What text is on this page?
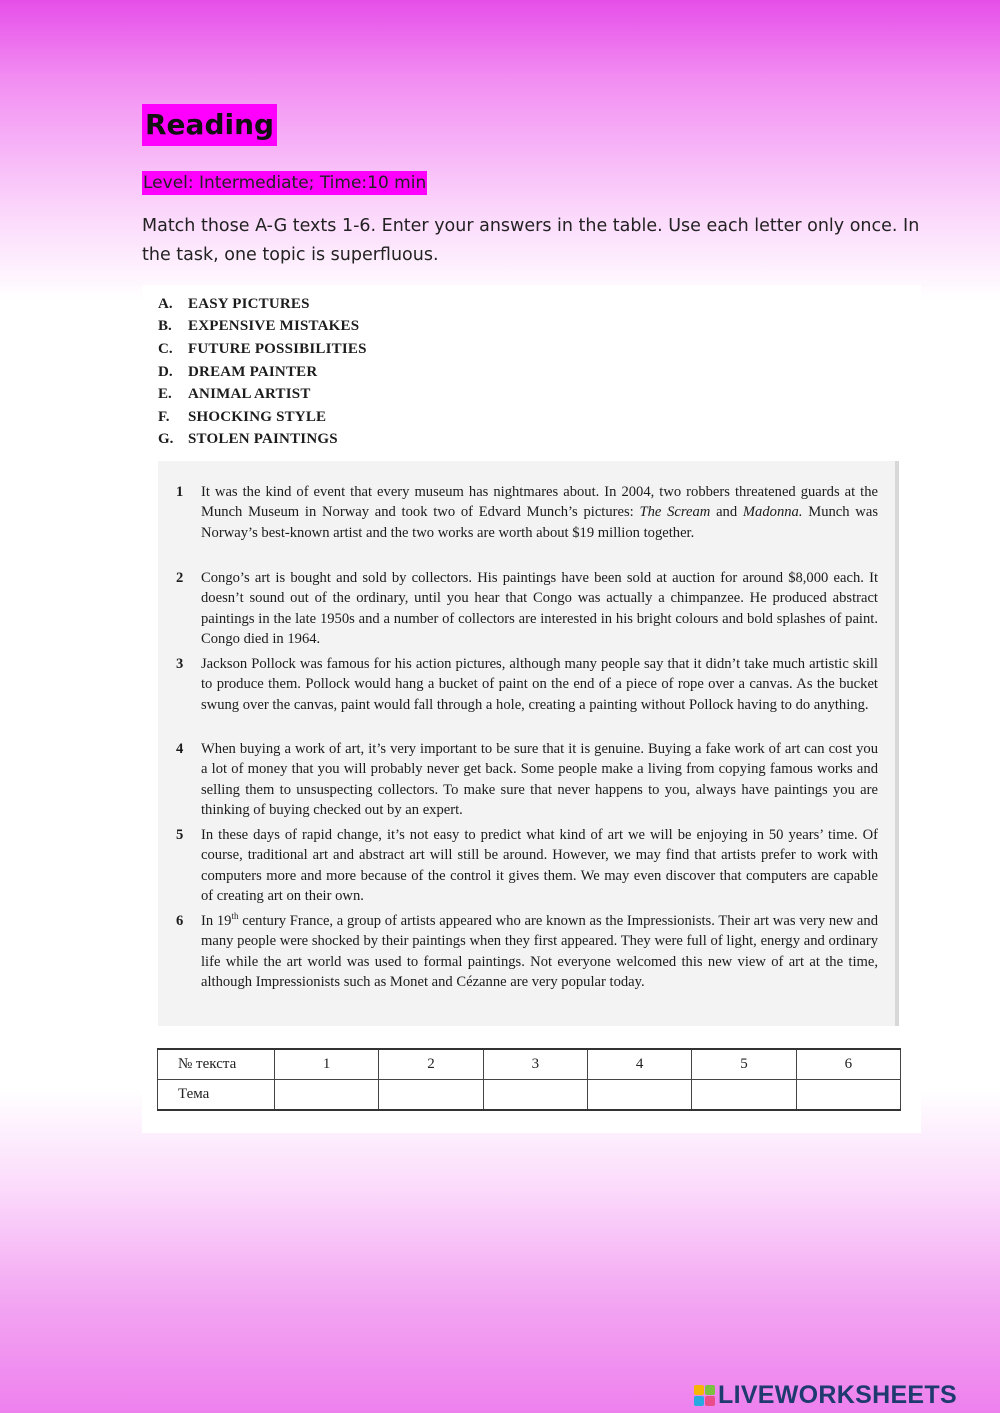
Reading
Level: Intermediate; Time:10 min

Match those A-G texts 1-6. Enter your answers in the table. Use each letter only once. In the task, one topic is superfluous.

A.	EASY PICTURES
B.	EXPENSIVE MISTAKES
C.	FUTURE POSSIBILITIES
D.	DREAM PAINTER
E.	ANIMAL ARTIST
F.	SHOCKING STYLE
G. STOLEN PAINTINGS
1 It was the kind of event that every museum has nightmares about. In 2004, two robbers threatened guards at the Munch Museum in Norway and took two of Edvard Munch’s pictures: The Scream and Madonna. Munch was Norway’s best-known artist and the two works are worth about $19 million together.
2 Congo’s art is bought and sold by collectors. His paintings have been sold at auction for around $8,000 each. It doesn’t sound out of the ordinary, until you hear that Congo was actually a chimpanzee. He produced abstract paintings in the late 1950s and a number of collectors are interested in his bright colours and bold splashes of paint. Congo died in 1964.
3 Jackson Pollock was famous for his action pictures, although many people say that it didn’t take much artistic skill to produce them. Pollock would hang a bucket of paint on the end of a piece of rope over a canvas. As the bucket swung over the canvas, paint would fall through a hole, creating a painting without Pollock having to do anything.
4 When buying a work of art, it’s very important to be sure that it is genuine. Buying a fake work of art can cost you a lot of money that you will probably never get back. Some people make a living from copying famous works and selling them to unsuspecting collectors. To make sure that never happens to you, always have paintings you are thinking of buying checked out by an expert.
5 In these days of rapid change, it’s not easy to predict what kind of art we will be enjoying in 50 years’ time. Of course, traditional art and abstract art will still be around. However, we may find that artists prefer to work with computers more and more because of the control it gives them. We may even discover that computers are capable of creating art on their own.
6 In 19th century France, a group of artists appeared who are known as the Impressionists. Their art was very new and many people were shocked by their paintings when they first appeared. They were full of light, energy and ordinary life while the art world was used to formal paintings. Not everyone welcomed this new view of art at the time, although Impressionists such as Monet and Cézanne are very popular today.
№ текста	1	2	3	4	5	6
Тема						
LIVEWORKSHEETS
